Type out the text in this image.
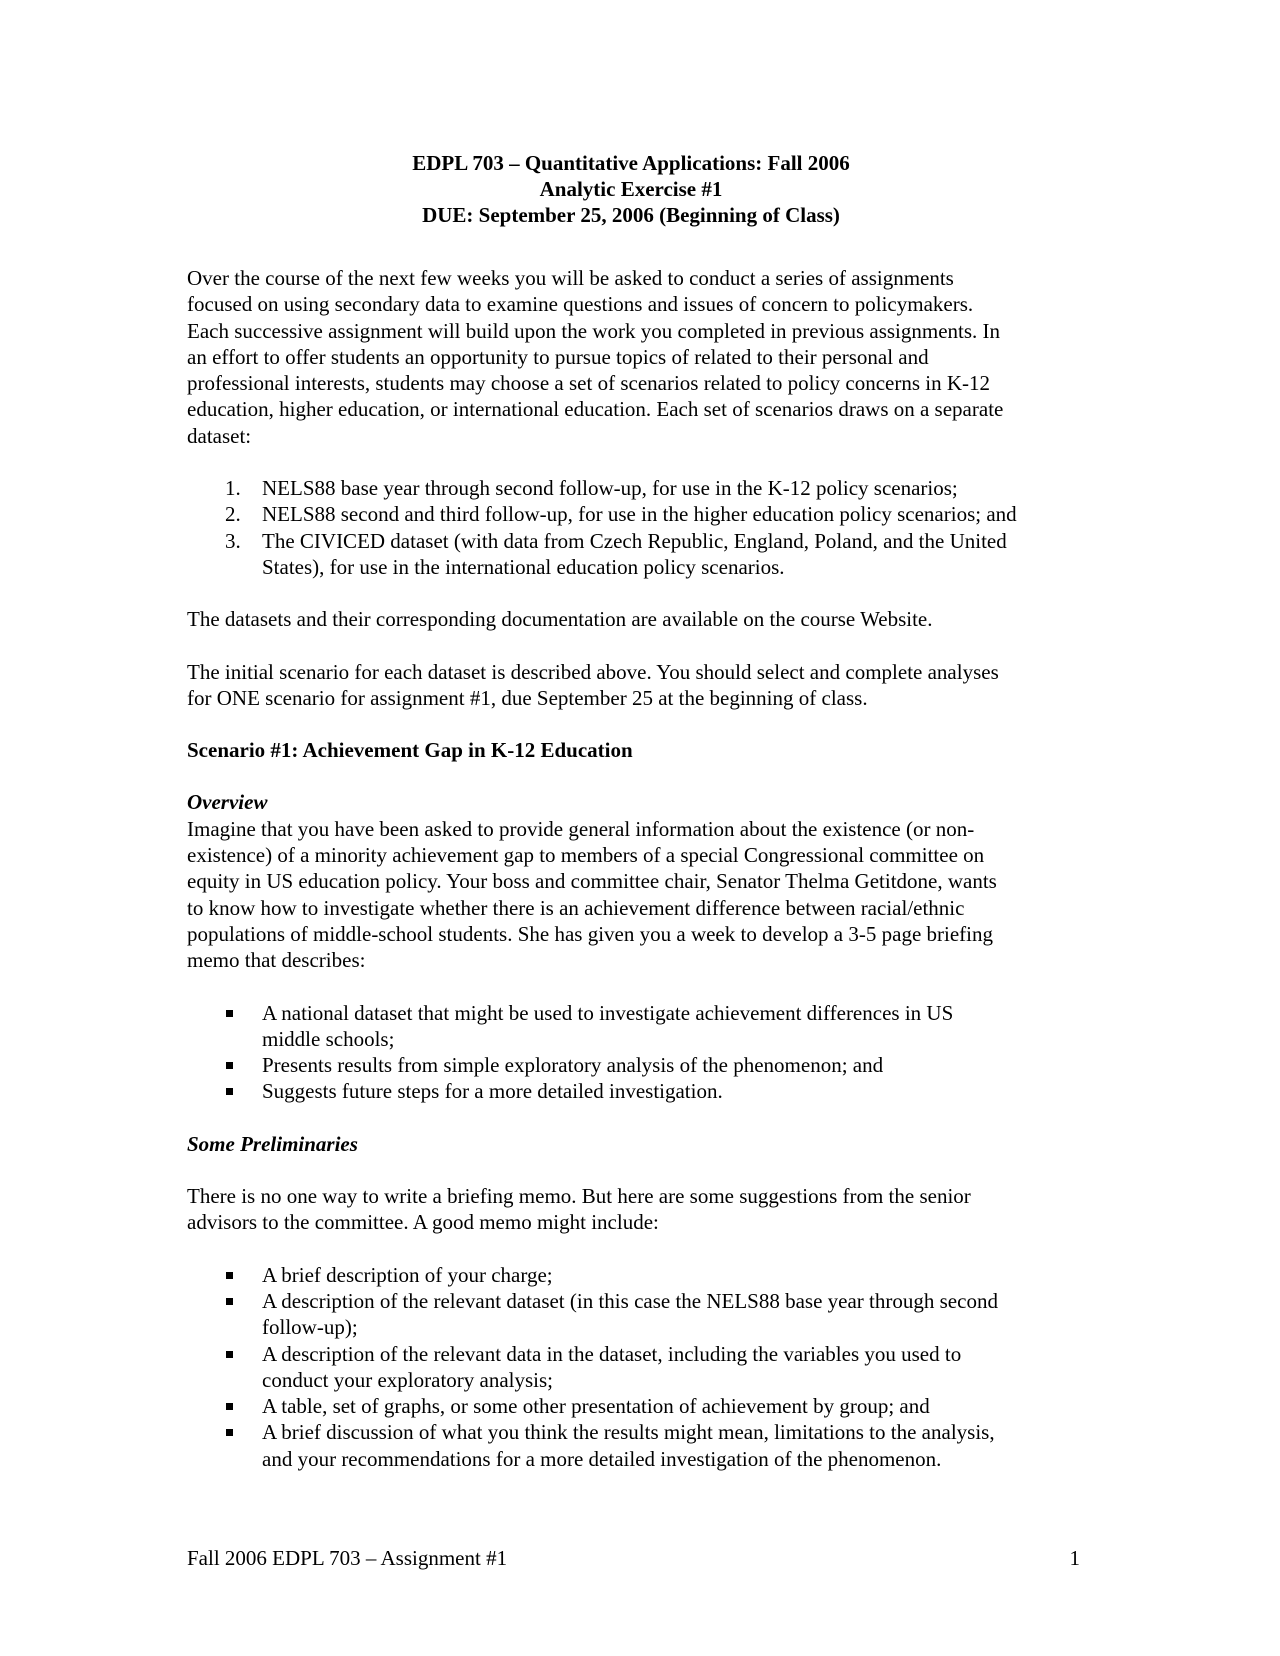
EDPL 703 – Quantitative Applications: Fall 2006
Analytic Exercise #1
DUE: September 25, 2006 (Beginning of Class)

Over the course of the next few weeks you will be asked to conduct a series of assignments
focused on using secondary data to examine questions and issues of concern to policymakers.
Each successive assignment will build upon the work you completed in previous assignments. In
an effort to offer students an opportunity to pursue topics of related to their personal and
professional interests, students may choose a set of scenarios related to policy concerns in K-12
education, higher education, or international education. Each set of scenarios draws on a separate
dataset:

1.	NELS88 base year through second follow-up, for use in the K-12 policy scenarios;
2.	NELS88 second and third follow-up, for use in the higher education policy scenarios; and
3.	The CIVICED dataset (with data from Czech Republic, England, Poland, and the United
States), for use in the international education policy scenarios.

The datasets and their corresponding documentation are available on the course Website.

The initial scenario for each dataset is described above. You should select and complete analyses
for ONE scenario for assignment #1, due September 25 at the beginning of class.

Scenario #1: Achievement Gap in K-12 Education

Overview

Imagine that you have been asked to provide general information about the existence (or non-
existence) of a minority achievement gap to members of a special Congressional committee on
equity in US education policy. Your boss and committee chair, Senator Thelma Getitdone, wants
to know how to investigate whether there is an achievement difference between racial/ethnic
populations of middle-school students. She has given you a week to develop a 3-5 page briefing
memo that describes:

A national dataset that might be used to investigate achievement differences in US
middle schools;
Presents results from simple exploratory analysis of the phenomenon; and
Suggests future steps for a more detailed investigation.

Some Preliminaries

There is no one way to write a briefing memo. But here are some suggestions from the senior
advisors to the committee. A good memo might include:

A brief description of your charge;
A description of the relevant dataset (in this case the NELS88 base year through second
follow-up);
A description of the relevant data in the dataset, including the variables you used to
conduct your exploratory analysis;
A table, set of graphs, or some other presentation of achievement by group; and
A brief discussion of what you think the results might mean, limitations to the analysis,
and your recommendations for a more detailed investigation of the phenomenon.
Fall 2006 EDPL 703 – Assignment #1	1
